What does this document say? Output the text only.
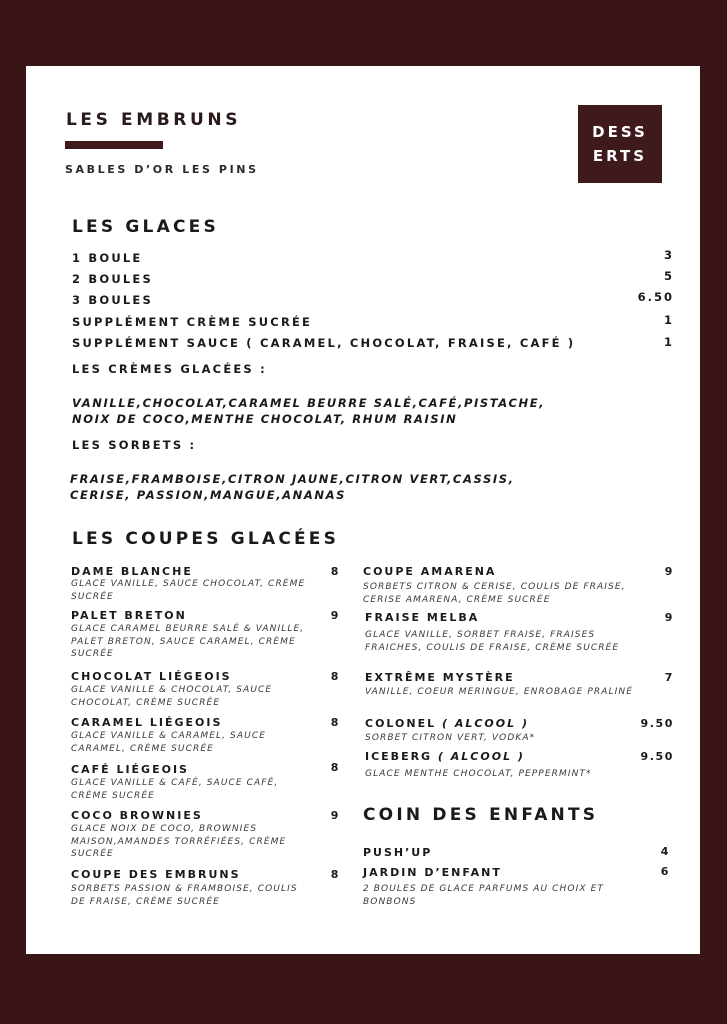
LES EMBRUNS
SABLES D’OR LES PINS
DESS
ERTS
LES GLACES
1 BOULE	3
2 BOULES	5
3 BOULES	6.50
SUPPLÉMENT CRÈME SUCRÉE	1
SUPPLÉMENT SAUCE ( CARAMEL, CHOCOLAT, FRAISE, CAFÉ )	1
LES CRÈMES GLACÉES :
VANILLE,CHOCOLAT,CARAMEL BEURRE SALÉ,CAFÉ,PISTACHE,
NOIX DE COCO,MENTHE CHOCOLAT, RHUM RAISIN
LES SORBETS :
FRAISE,FRAMBOISE,CITRON JAUNE,CITRON VERT,CASSIS,
CERISE, PASSION,MANGUE,ANANAS
LES COUPES GLACÉES
DAME BLANCHE	8
GLACE VANILLE, SAUCE CHOCOLAT, CRÈME SUCRÉE
PALET BRETON	9
GLACE CARAMEL BEURRE SALÉ & VANILLE, PALET BRETON, SAUCE CARAMEL, CRÈME SUCRÉE
CHOCOLAT LIÉGEOIS	8
GLACE VANILLE & CHOCOLAT, SAUCE CHOCOLAT, CRÈME SUCRÉE
CARAMEL LIÉGEOIS	8
GLACE VANILLE & CARAMEL, SAUCE CARAMEL, CRÈME SUCRÉE
CAFÉ LIÉGEOIS	8
GLACE VANILLE & CAFÉ, SAUCE CAFÉ, CRÈME SUCRÉE
COCO BROWNIES	9
GLACE NOIX DE COCO, BROWNIES MAISON,AMANDES TORRÉFIÉES, CRÈME SUCRÉE
COUPE DES EMBRUNS	8
SORBETS PASSION & FRAMBOISE, COULIS DE FRAISE, CRÈME SUCRÉE
COUPE AMARENA	9
SORBETS CITRON & CERISE, COULIS DE FRAISE, CERISE AMARENA, CRÈME SUCRÉE
FRAISE MELBA	9
GLACE VANILLE, SORBET FRAISE, FRAISES FRAICHES, COULIS DE FRAISE, CRÈME SUCRÉE
EXTRÊME MYSTÈRE	7
VANILLE, COEUR MERINGUE, ENROBAGE PRALINÉ
COLONEL ( ALCOOL )	9.50
SORBET CITRON VERT, VODKA*
ICEBERG ( ALCOOL )	9.50
GLACE MENTHE CHOCOLAT, PEPPERMINT*
COIN DES ENFANTS
PUSH’UP	4
JARDIN D’ENFANT	6
2 BOULES DE GLACE PARFUMS AU CHOIX ET BONBONS
